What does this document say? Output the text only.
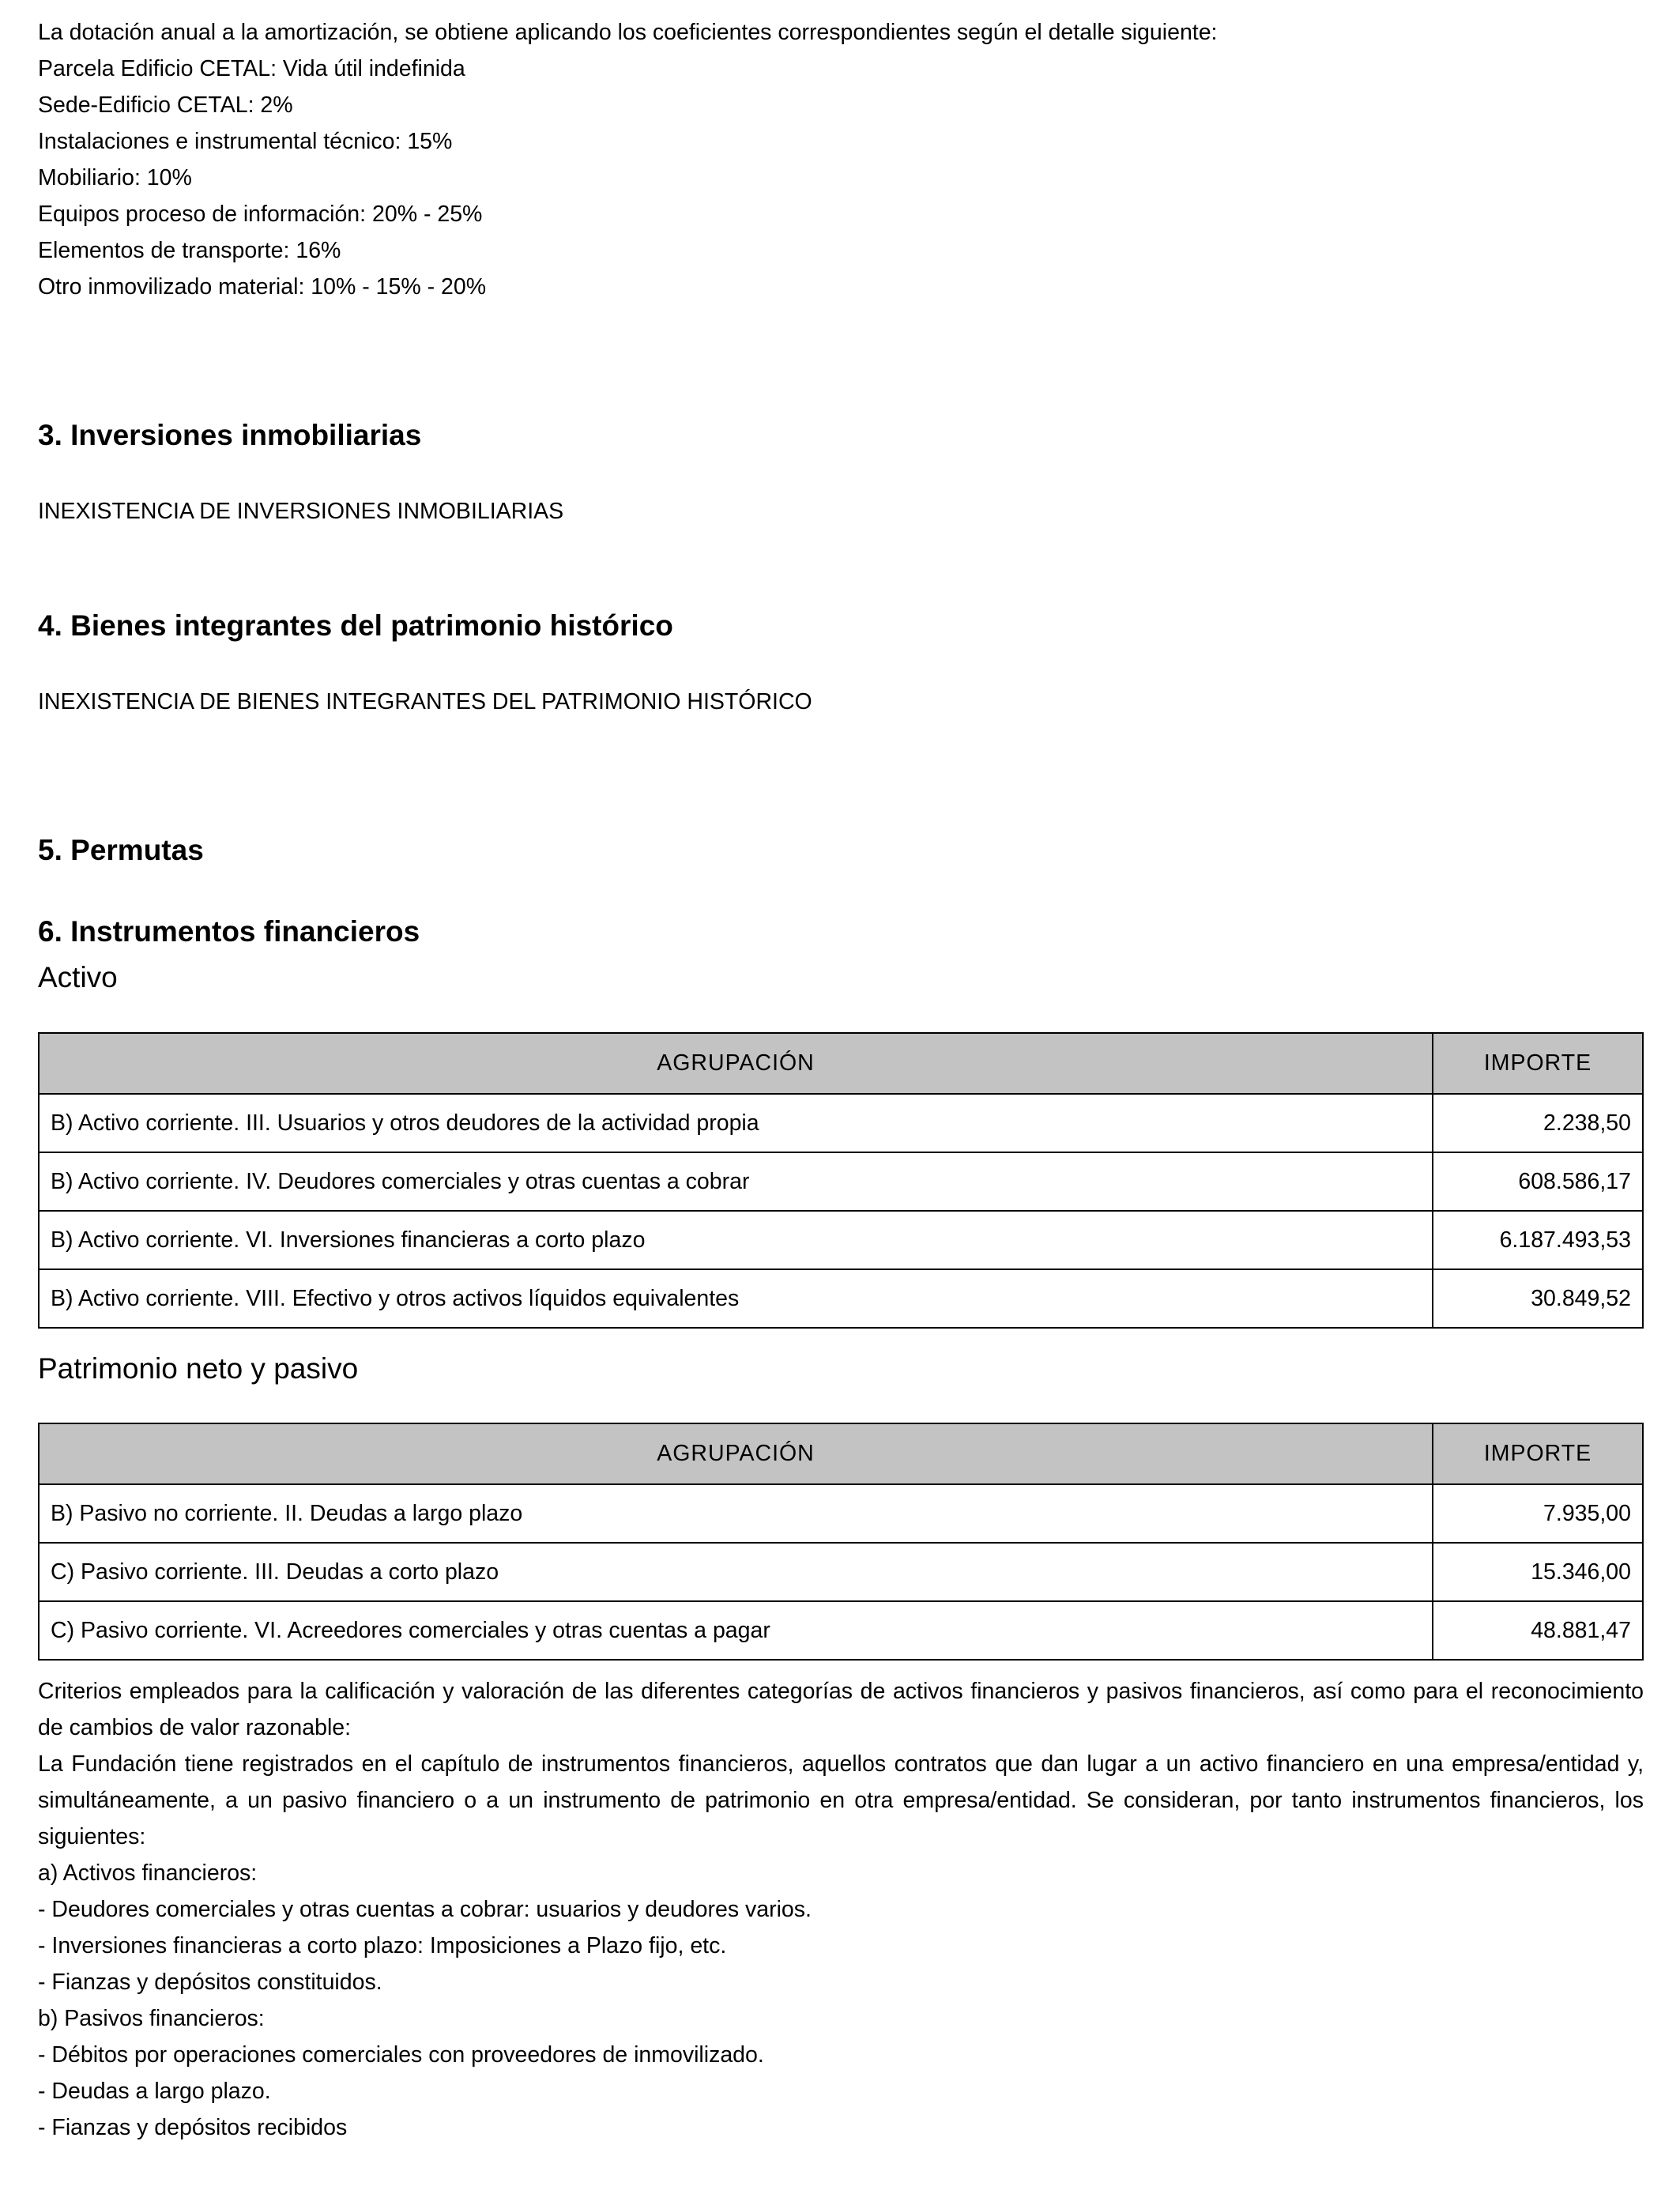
La dotación anual a la amortización, se obtiene aplicando los coeficientes correspondientes según el detalle siguiente:
Parcela Edificio CETAL: Vida útil indefinida
Sede-Edificio CETAL: 2%
Instalaciones e instrumental técnico: 15%
Mobiliario: 10%
Equipos proceso de información: 20% - 25%
Elementos de transporte: 16%
Otro inmovilizado material: 10% - 15% - 20%
3. Inversiones inmobiliarias
INEXISTENCIA DE INVERSIONES INMOBILIARIAS
4. Bienes integrantes del patrimonio histórico
INEXISTENCIA DE BIENES INTEGRANTES DEL PATRIMONIO HISTÓRICO
5. Permutas
6. Instrumentos financieros
Activo
AGRUPACIÓN	IMPORTE
B) Activo corriente. III. Usuarios y otros deudores de la actividad propia	2.238,50
B) Activo corriente. IV. Deudores comerciales y otras cuentas a cobrar	608.586,17
B) Activo corriente. VI. Inversiones financieras a corto plazo	6.187.493,53
B) Activo corriente. VIII. Efectivo y otros activos líquidos equivalentes	30.849,52
Patrimonio neto y pasivo
AGRUPACIÓN	IMPORTE
B) Pasivo no corriente. II. Deudas a largo plazo	7.935,00
C) Pasivo corriente. III. Deudas a corto plazo	15.346,00
C) Pasivo corriente. VI. Acreedores comerciales y otras cuentas a pagar	48.881,47

Criterios empleados para la calificación y valoración de las diferentes categorías de activos financieros y pasivos financieros, así como para el reconocimiento de cambios de valor razonable:

La Fundación tiene registrados en el capítulo de instrumentos financieros, aquellos contratos que dan lugar a un activo financiero en una empresa/entidad y, simultáneamente, a un pasivo financiero o a un instrumento de patrimonio en otra empresa/entidad. Se consideran, por tanto instrumentos financieros, los siguientes:

a) Activos financieros:
- Deudores comerciales y otras cuentas a cobrar: usuarios y deudores varios.
- Inversiones financieras a corto plazo: Imposiciones a Plazo fijo, etc.
- Fianzas y depósitos constituidos.
b) Pasivos financieros:
- Débitos por operaciones comerciales con proveedores de inmovilizado.
- Deudas a largo plazo.
- Fianzas y depósitos recibidos
